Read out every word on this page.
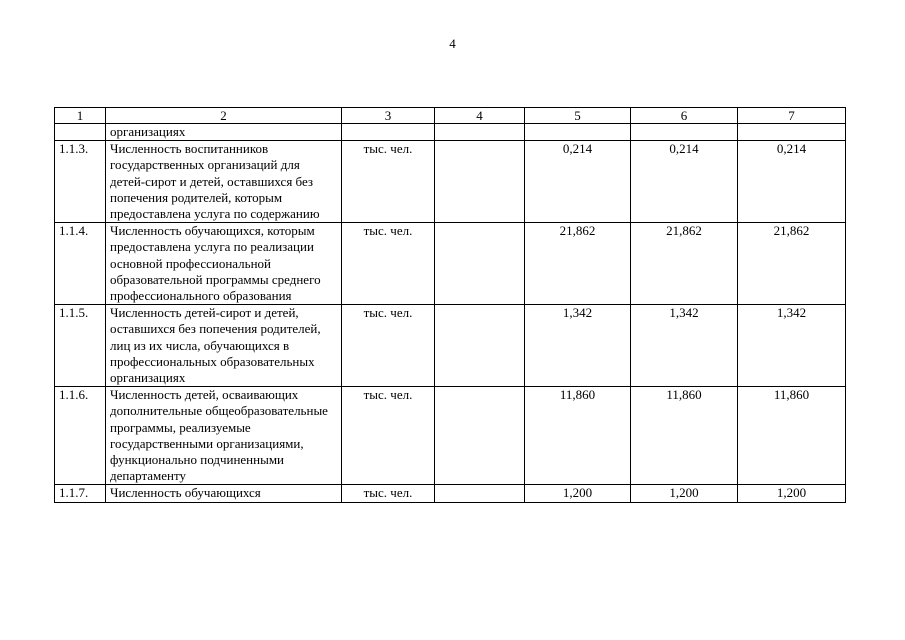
4
1	2	3	4	5	6	7
	организациях					
1.1.3.	Численность воспитанников государственных организаций для детей-сирот и детей, оставшихся без попечения родителей, которым предоставлена услуга по содержанию	тыс. чел.		0,214	0,214	0,214
1.1.4.	Численность обучающихся, которым предоставлена услуга по реализации основной профессиональной образовательной программы среднего профессионального образования	тыс. чел.		21,862	21,862	21,862
1.1.5.	Численность детей-сирот и детей, оставшихся без попечения родителей, лиц из их числа, обучающихся в профессиональных образовательных организациях	тыс. чел.		1,342	1,342	1,342
1.1.6.	Численность детей, осваивающих дополнительные общеобразовательные программы, реализуемые государственными организациями, функционально подчиненными департаменту	тыс. чел.		11,860	11,860	11,860
1.1.7.	Численность обучающихся	тыс. чел.		1,200	1,200	1,200
